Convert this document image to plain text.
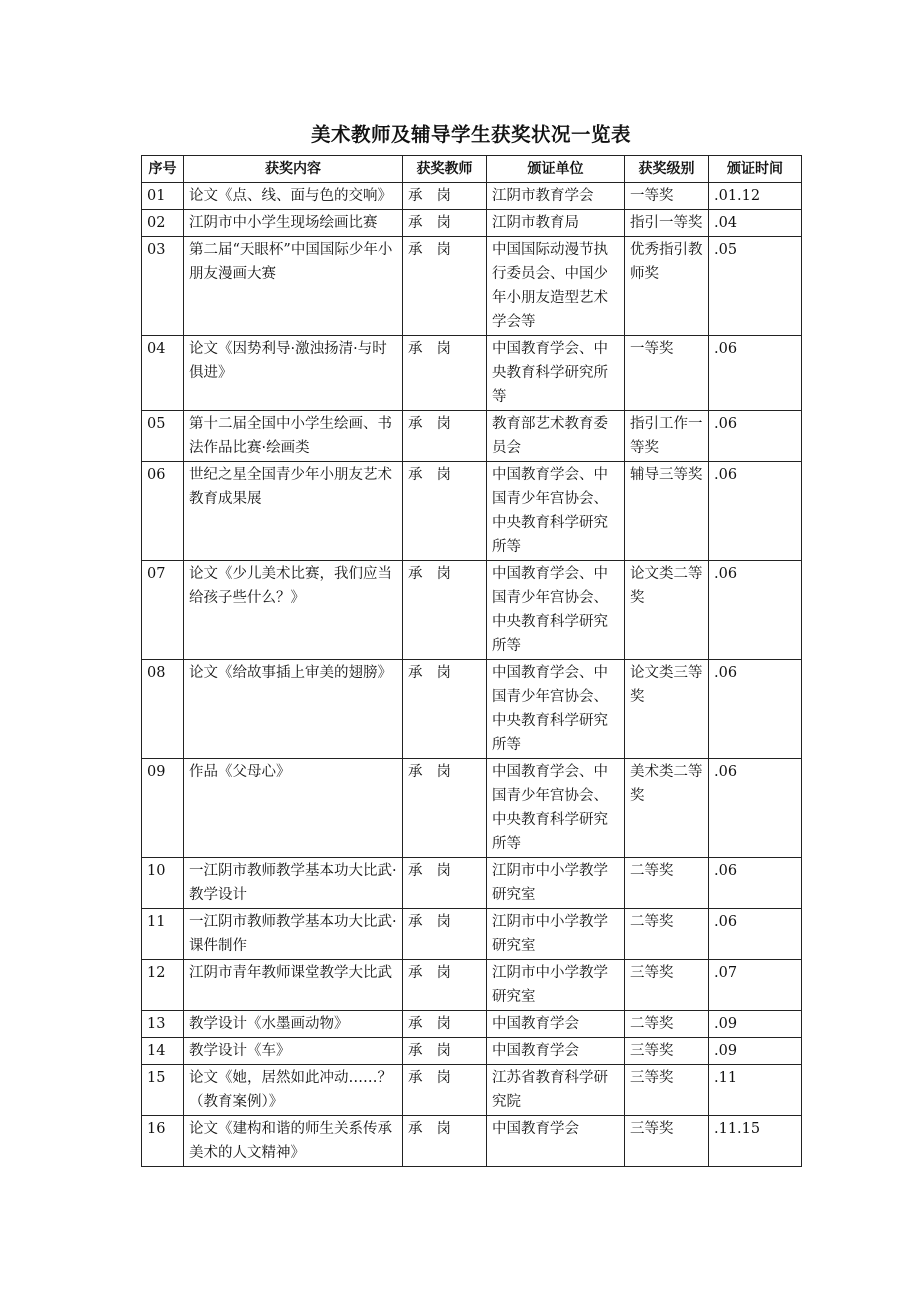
美术教师及辅导学生获奖状况一览表
序号	获奖内容	获奖教师	颁证单位	获奖级别	颁证时间
01	论文《点、线、面与色的交响》	承岗	江阴市教育学会	一等奖	.01.12
02	江阴市中小学生现场绘画比赛	承岗	江阴市教育局	指引一等奖	.04
03	第二届“天眼杯”中国国际少年小朋友漫画大赛	承岗	中国国际动漫节执行委员会、中国少年小朋友造型艺术学会等	优秀指引教师奖	.05
04	论文《因势利导·激浊扬清·与时俱进》	承岗	中国教育学会、中央教育科学研究所等	一等奖	.06
05	第十二届全国中小学生绘画、书法作品比赛·绘画类	承岗	教育部艺术教育委员会	指引工作一等奖	.06
06	世纪之星全国青少年小朋友艺术教育成果展	承岗	中国教育学会、中国青少年宫协会、中央教育科学研究所等	辅导三等奖	.06
07	论文《少儿美术比赛，我们应当给孩子些什么？》	承岗	中国教育学会、中国青少年宫协会、中央教育科学研究所等	论文类二等奖	.06
08	论文《给故事插上审美的翅膀》	承岗	中国教育学会、中国青少年宫协会、中央教育科学研究所等	论文类三等奖	.06
09	作品《父母心》	承岗	中国教育学会、中国青少年宫协会、中央教育科学研究所等	美术类二等奖	.06
10	一江阴市教师教学基本功大比武·教学设计	承岗	江阴市中小学教学研究室	二等奖	.06
11	一江阴市教师教学基本功大比武·课件制作	承岗	江阴市中小学教学研究室	二等奖	.06
12	江阴市青年教师课堂教学大比武	承岗	江阴市中小学教学研究室	三等奖	.07
13	教学设计《水墨画动物》	承岗	中国教育学会	二等奖	.09
14	教学设计《车》	承岗	中国教育学会	三等奖	.09
15	论文《她，居然如此冲动……？（教育案例）》	承岗	江苏省教育科学研究院	三等奖	.11
16	论文《建构和谐的师生关系传承美术的人文精神》	承岗	中国教育学会	三等奖	.11.15
